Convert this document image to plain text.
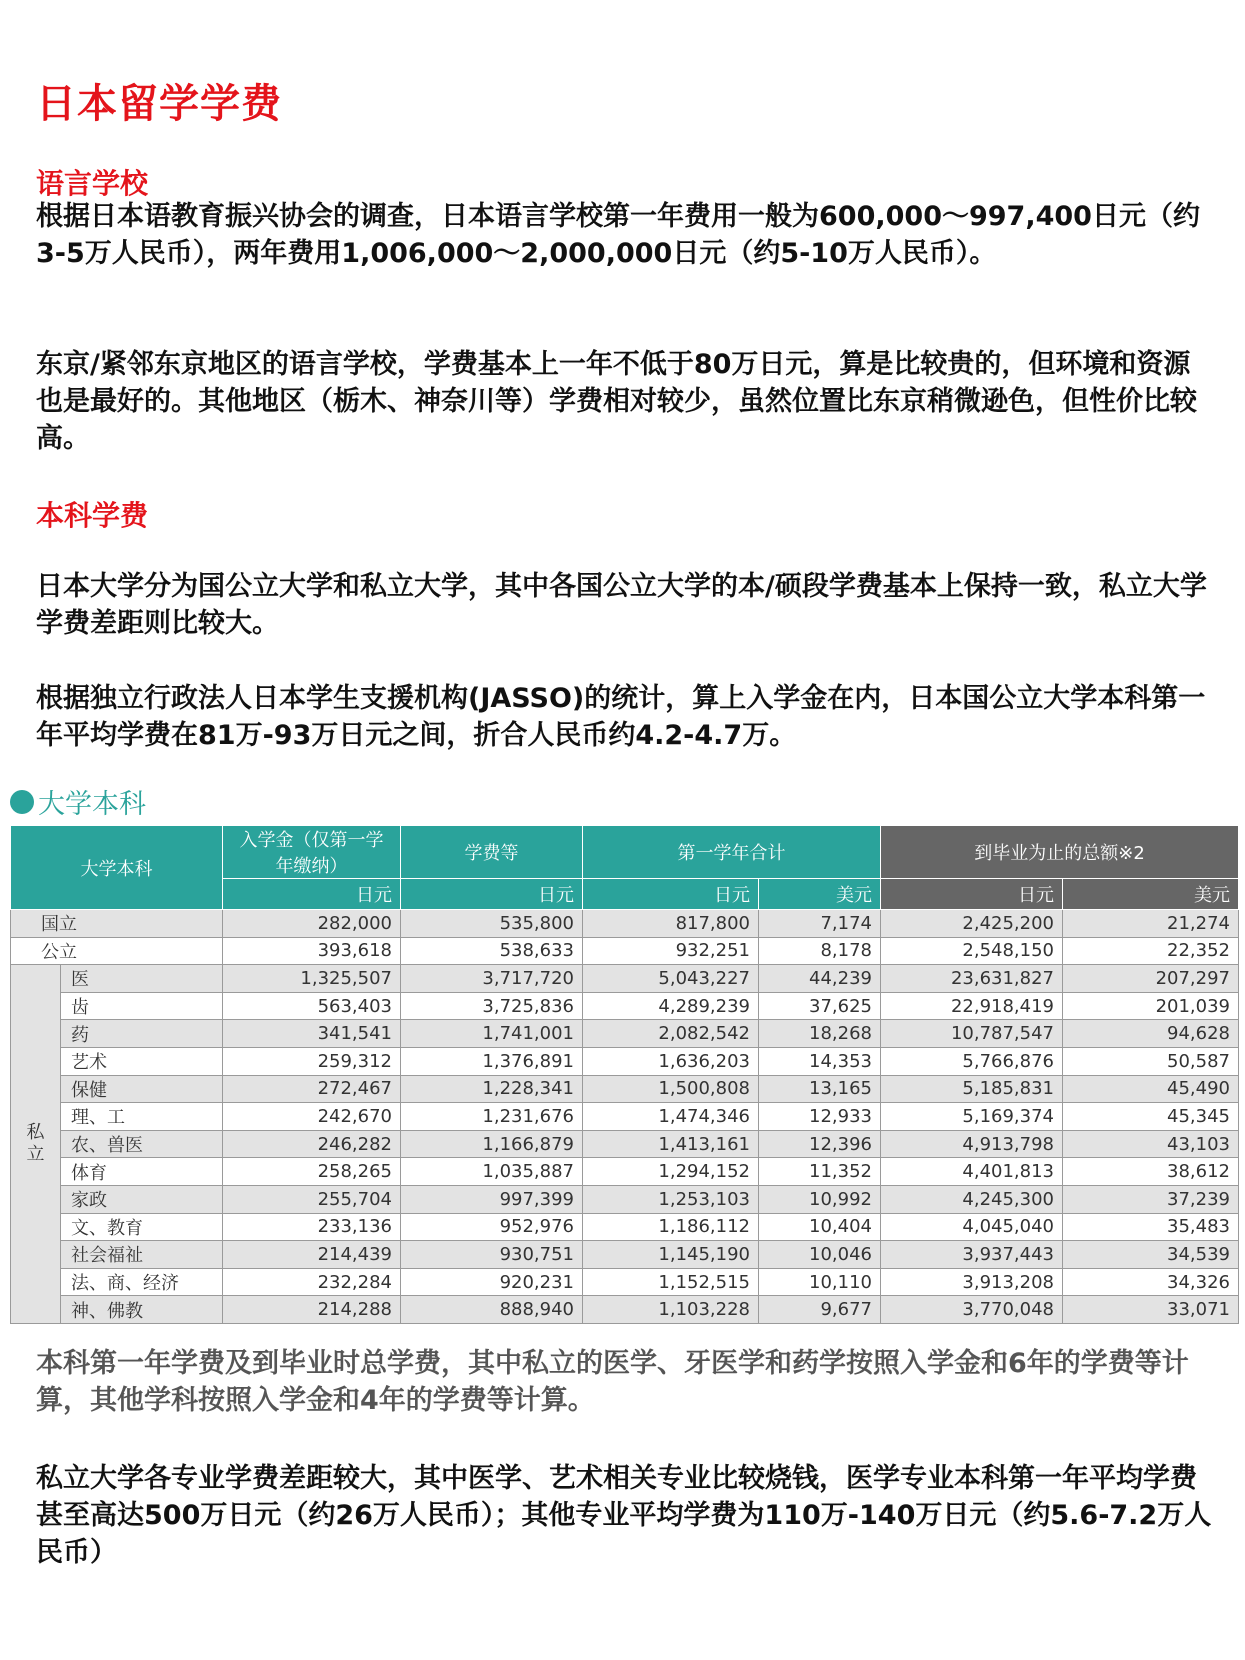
日本留学学费
语言学校
根据日本语教育振兴协会的调查，日本语言学校第一年费用一般为600,000～997,400日元（约3-5万人民币），两年费用1,006,000～2,000,000日元（约5-10万人民币）。
东京/紧邻东京地区的语言学校，学费基本上一年不低于80万日元，算是比较贵的，但环境和资源也是最好的。其他地区（栃木、神奈川等）学费相对较少，虽然位置比东京稍微逊色，但性价比较高。
本科学费
日本大学分为国公立大学和私立大学，其中各国公立大学的本/硕段学费基本上保持一致，私立大学学费差距则比较大。
根据独立行政法人日本学生支援机构(JASSO)的统计，算上入学金在内，日本国公立大学本科第一年平均学费在81万-93万日元之间，折合人民币约4.2-4.7万。
大学本科
大学本科		入学金（仅第一学年缴纳）	学费等	第一学年合计		到毕业为止的总额※2	
		日元	日元	日元	美元	日元	美元
国立		282,000	535,800	817,800	7,174	2,425,200	21,274
公立		393,618	538,633	932,251	8,178	2,548,150	22,352
私立	医	1,325,507	3,717,720	5,043,227	44,239	23,631,827	207,297
	齿	563,403	3,725,836	4,289,239	37,625	22,918,419	201,039
	药	341,541	1,741,001	2,082,542	18,268	10,787,547	94,628
	艺术	259,312	1,376,891	1,636,203	14,353	5,766,876	50,587
	保健	272,467	1,228,341	1,500,808	13,165	5,185,831	45,490
	理、工	242,670	1,231,676	1,474,346	12,933	5,169,374	45,345
	农、兽医	246,282	1,166,879	1,413,161	12,396	4,913,798	43,103
	体育	258,265	1,035,887	1,294,152	11,352	4,401,813	38,612
	家政	255,704	997,399	1,253,103	10,992	4,245,300	37,239
	文、教育	233,136	952,976	1,186,112	10,404	4,045,040	35,483
	社会福祉	214,439	930,751	1,145,190	10,046	3,937,443	34,539
	法、商、经济	232,284	920,231	1,152,515	10,110	3,913,208	34,326
	神、佛教	214,288	888,940	1,103,228	9,677	3,770,048	33,071
本科第一年学费及到毕业时总学费，其中私立的医学、牙医学和药学按照入学金和6年的学费等计算，其他学科按照入学金和4年的学费等计算。
私立大学各专业学费差距较大，其中医学、艺术相关专业比较烧钱，医学专业本科第一年平均学费甚至高达500万日元（约26万人民币）；其他专业平均学费为110万-140万日元（约5.6-7.2万人民币）
